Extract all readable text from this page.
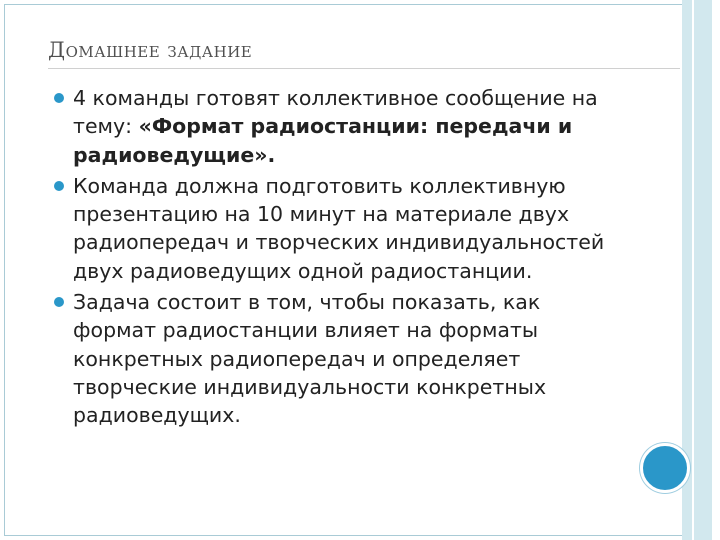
Домашнее задание
4 команды готовят коллективное сообщение на тему: «Формат радиостанции: передачи и радиоведущие».
Команда должна подготовить коллективную презентацию на 10 минут на материале двух радиопередач и творческих индивидуальностей двух радиоведущих одной радиостанции.
Задача состоит в том, чтобы показать, как формат радиостанции влияет на форматы конкретных радиопередач и определяет творческие индивидуальности конкретных радиоведущих.
